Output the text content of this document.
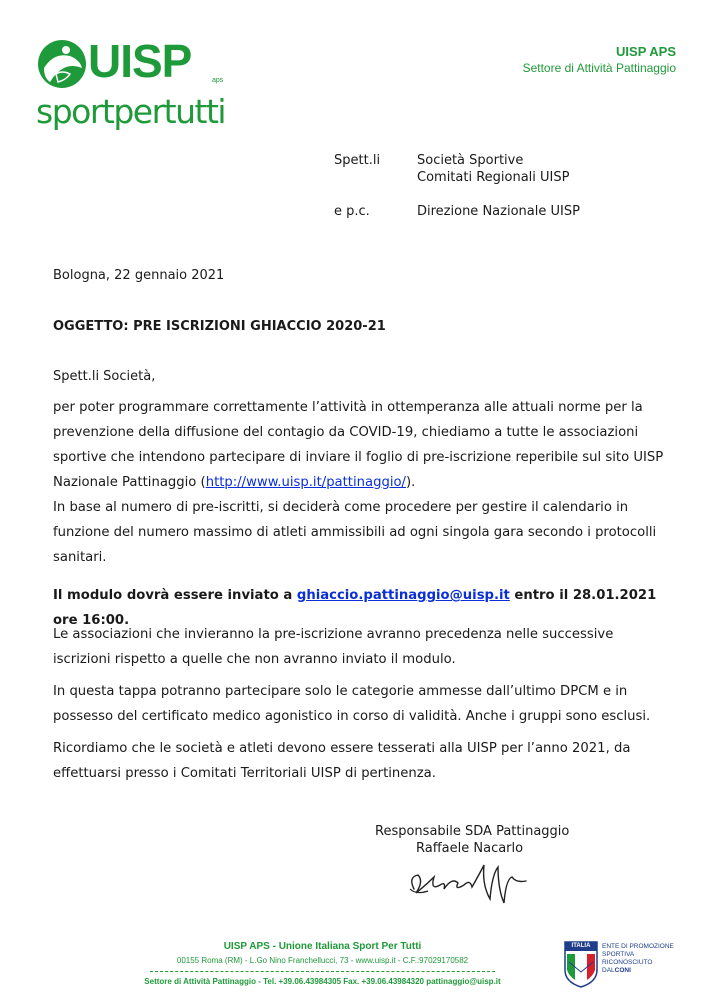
UISP	aps
sportpertutti
UISP APS
Settore di Attività Pattinaggio
Spett.li	Società Sportive
Comitati Regionali UISP
e p.c.	Direzione Nazionale UISP
Bologna, 22 gennaio 2021
OGGETTO: PRE ISCRIZIONI GHIACCIO 2020-21
Spett.li Società,
per poter programmare correttamente l’attività in ottemperanza alle attuali norme per la prevenzione della diffusione del contagio da COVID-19, chiediamo a tutte le associazioni sportive che intendono partecipare di inviare il foglio di pre-iscrizione reperibile sul sito UISP Nazionale Pattinaggio (http://www.uisp.it/pattinaggio/).
In base al numero di pre-iscritti, si deciderà come procedere per gestire il calendario in funzione del numero massimo di atleti ammissibili ad ogni singola gara secondo i protocolli sanitari.
Il modulo dovrà essere inviato a ghiaccio.pattinaggio@uisp.it entro il 28.01.2021 ore 16:00.
Le associazioni che invieranno la pre-iscrizione avranno precedenza nelle successive iscrizioni rispetto a quelle che non avranno inviato il modulo.
In questa tappa potranno partecipare solo le categorie ammesse dall’ultimo DPCM e in possesso del certificato medico agonistico in corso di validità. Anche i gruppi sono esclusi.
Ricordiamo che le società e atleti devono essere tesserati alla UISP per l’anno 2021, da effettuarsi presso i Comitati Territoriali UISP di pertinenza.
Responsabile SDA Pattinaggio
Raffaele Nacarlo
UISP APS - Unione Italiana Sport Per Tutti
00155 Roma (RM) - L.Go Nino Franchellucci, 73 - www.uisp.it - C.F.:97029170582
Settore di Attività Pattinaggio - Tel. +39.06.43984305 Fax. +39.06.43984320 pattinaggio@uisp.it
ITALIA	ENTE DI PROMOZIONE
SPORTIVA
RICONOSCIUTO
DALCONI
